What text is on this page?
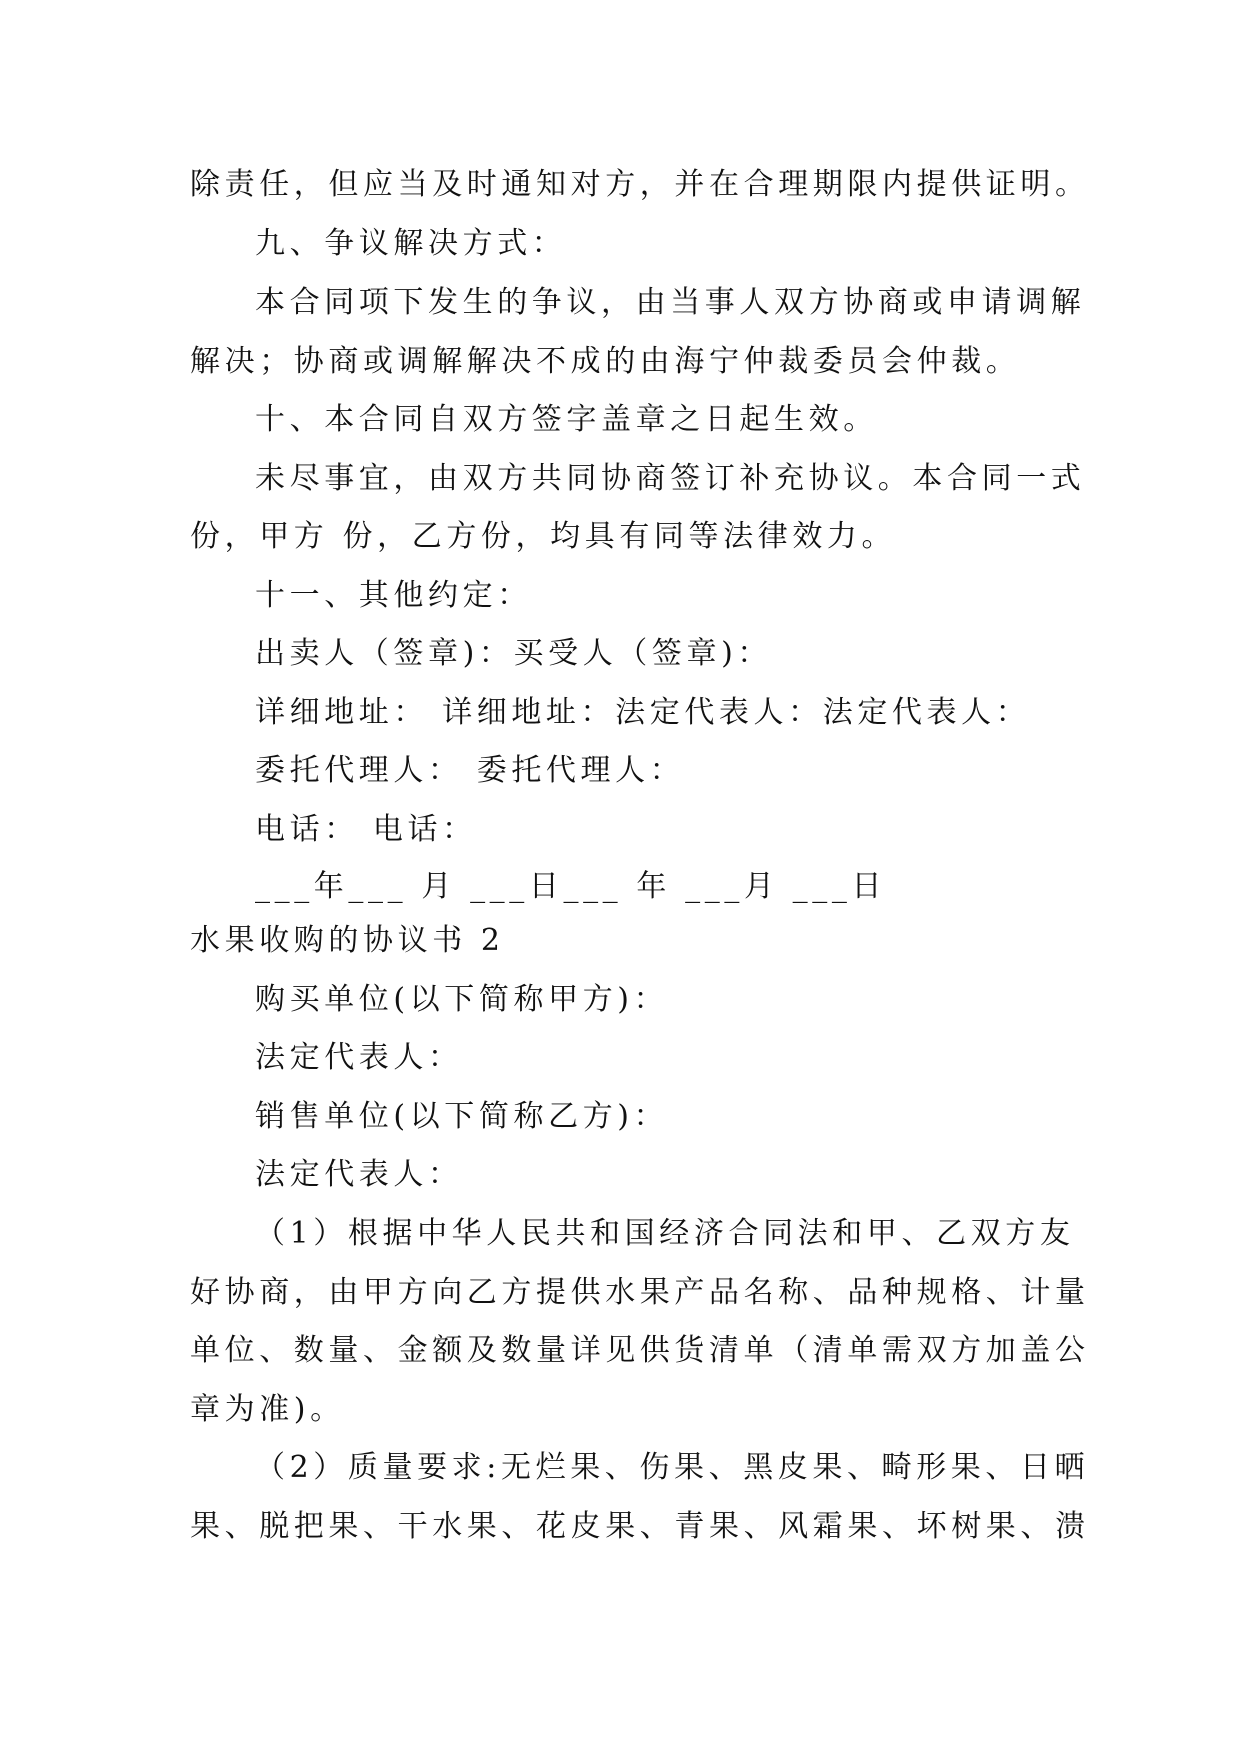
除责任，但应当及时通知对方，并在合理期限内提供证明。
九、争议解决方式：
本合同项下发生的争议，由当事人双方协商或申请调解
解决；协商或调解解决不成的由海宁仲裁委员会仲裁。
十、本合同自双方签字盖章之日起生效。
未尽事宜，由双方共同协商签订补充协议。本合同一式
份，甲方 份，乙方份，均具有同等法律效力。
十一、其他约定：
出卖人（签章)：买受人（签章)：
详细地址： 详细地址：法定代表人：法定代表人：
委托代理人： 委托代理人：
电话： 电话：
___年___ 月 ___日___ 年 ___月 ___日
水果收购的协议书 2
购买单位(以下简称甲方)：
法定代表人：
销售单位(以下简称乙方)：
法定代表人：
（1）根据中华人民共和国经济合同法和甲、乙双方友
好协商，由甲方向乙方提供水果产品名称、品种规格、计量
单位、数量、金额及数量详见供货清单（清单需双方加盖公
章为准)。
（2）质量要求:无烂果、伤果、黑皮果、畸形果、日晒
果、脱把果、干水果、花皮果、青果、风霜果、坏树果、溃
